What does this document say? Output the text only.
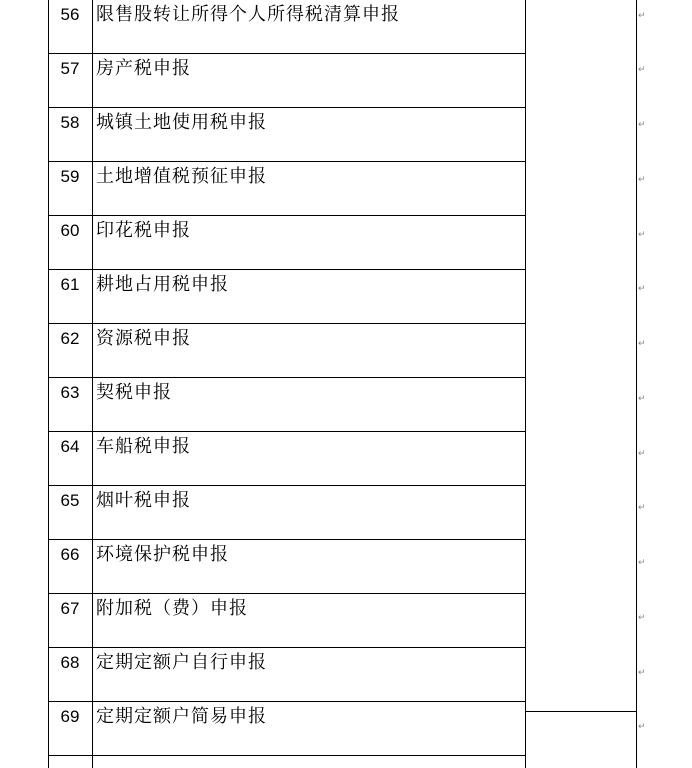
56 限售股转让所得个人所得税清算申报
57 房产税申报
58 城镇土地使用税申报
59 土地增值税预征申报
60 印花税申报
61 耕地占用税申报
62 资源税申报
63 契税申报
64 车船税申报
65 烟叶税申报
66 环境保护税申报
67 附加税（费）申报
68 定期定额户自行申报
69 定期定额户简易申报
↵
↵
↵
↵
↵
↵
↵
↵
↵
↵
↵
↵
↵
↵
